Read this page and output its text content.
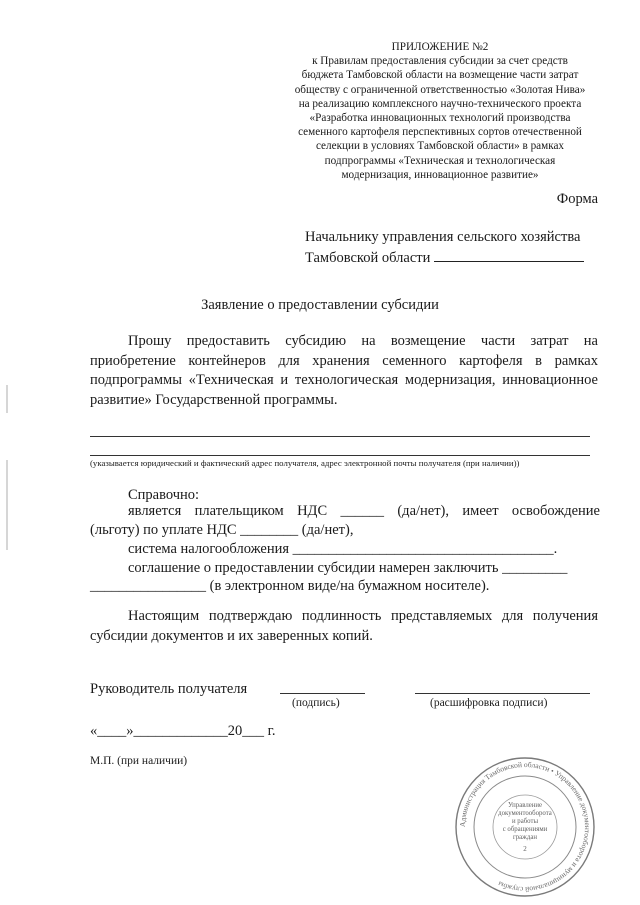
ПРИЛОЖЕНИЕ №2
к Правилам предоставления субсидии за счет средств
бюджета Тамбовской области на возмещение части затрат
обществу с ограниченной ответственностью «Золотая Нива»
на реализацию комплексного научно-технического проекта
«Разработка инновационных технологий производства
семенного картофеля перспективных сортов отечественной
селекции в условиях Тамбовской области» в рамках
подпрограммы «Техническая и технологическая
модернизация, инновационное развитие»
Форма
Начальнику управления сельского хозяйства
Тамбовской области
Заявление о предоставлении субсидии
Прошу предоставить субсидию на возмещение части затрат на приобретение контейнеров для хранения семенного картофеля в рамках подпрограммы «Техническая и технологическая модернизация, инновационное развитие» Государственной программы.
(указывается юридический и фактический адрес получателя, адрес электронной почты получателя (при наличии))
Справочно:
является плательщиком НДС ______ (да/нет), имеет освобождение
(льготу) по уплате НДС ________ (да/нет),
система налогообложения ____________________________________.
соглашение о предоставлении субсидии намерен заключить _________
________________ (в электронном виде/на бумажном носителе).
Настоящим подтверждаю подлинность представляемых для получения субсидии документов и их заверенных копий.
Руководитель получателя
(подпись)	(расшифровка подписи)
«____»_____________20___ г.
М.П. (при наличии)
Администрация Тамбовской области • Управление документооборота и муниципальной службы
Управление
документооборота
и работы
с обращениями
граждан
2
